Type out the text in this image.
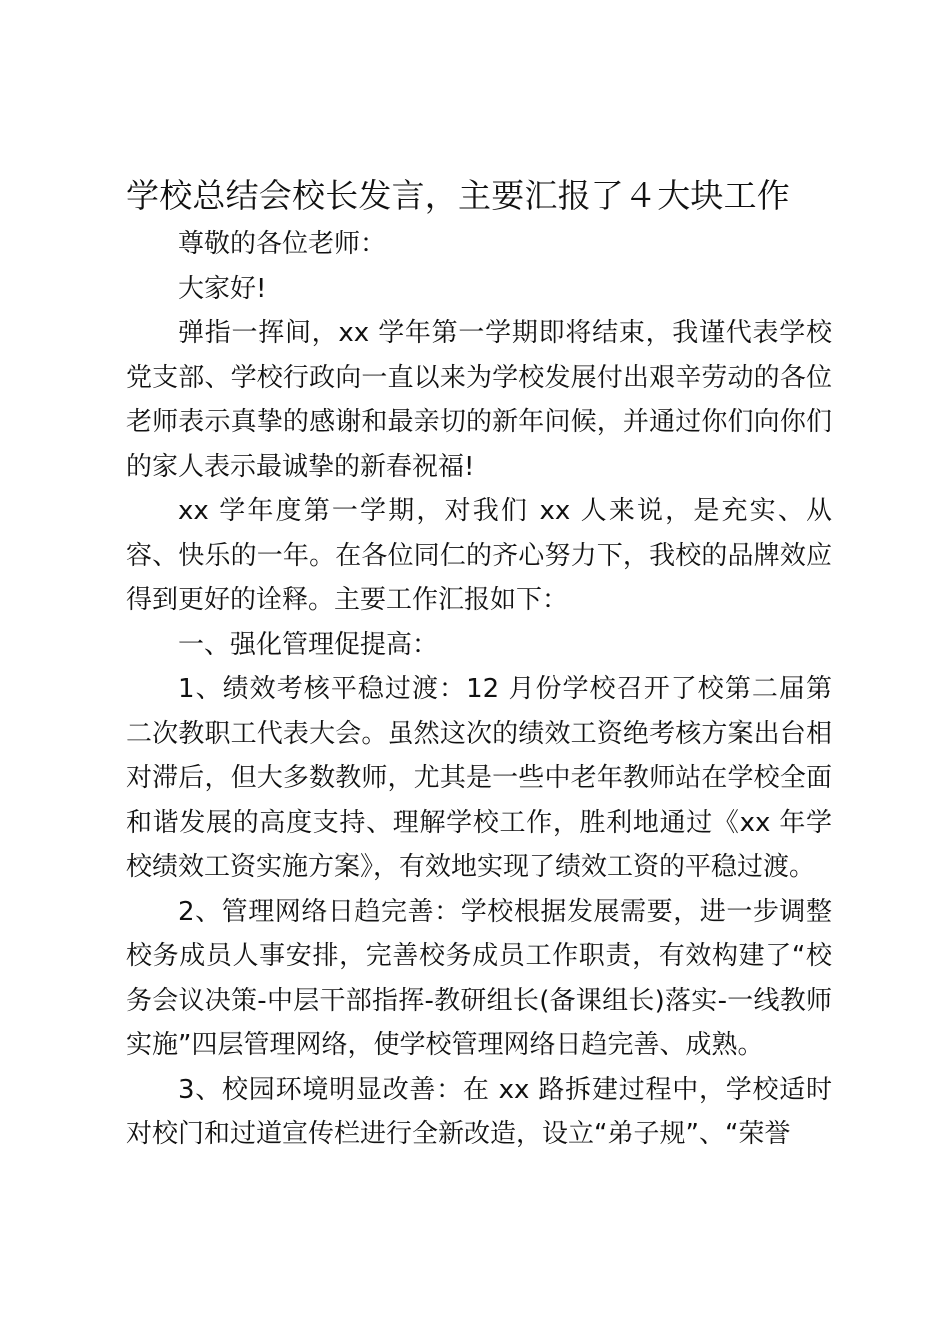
学校总结会校长发言，主要汇报了４大块工作

尊敬的各位老师：

大家好!

弹指一挥间，xx 学年第一学期即将结束，我谨代表学校党支部、学校行政向一直以来为学校发展付出艰辛劳动的各位老师表示真挚的感谢和最亲切的新年问候，并通过你们向你们的家人表示最诚挚的新春祝福!

xx 学年度第一学期，对我们 xx 人来说，是充实、从容、快乐的一年。在各位同仁的齐心努力下，我校的品牌效应得到更好的诠释。主要工作汇报如下：

一、强化管理促提高：

1、绩效考核平稳过渡：12 月份学校召开了校第二届第二次教职工代表大会。虽然这次的绩效工资绝考核方案出台相对滞后，但大多数教师，尤其是一些中老年教师站在学校全面和谐发展的高度支持、理解学校工作，胜利地通过《xx 年学校绩效工资实施方案》，有效地实现了绩效工资的平稳过渡。

2、管理网络日趋完善：学校根据发展需要，进一步调整校务成员人事安排，完善校务成员工作职责，有效构建了“校务会议决策-中层干部指挥-教研组长(备课组长)落实-一线教师实施”四层管理网络，使学校管理网络日趋完善、成熟。

3、校园环境明显改善：在 xx 路拆建过程中，学校适时对校门和过道宣传栏进行全新改造，设立“弟子规”、“荣誉
